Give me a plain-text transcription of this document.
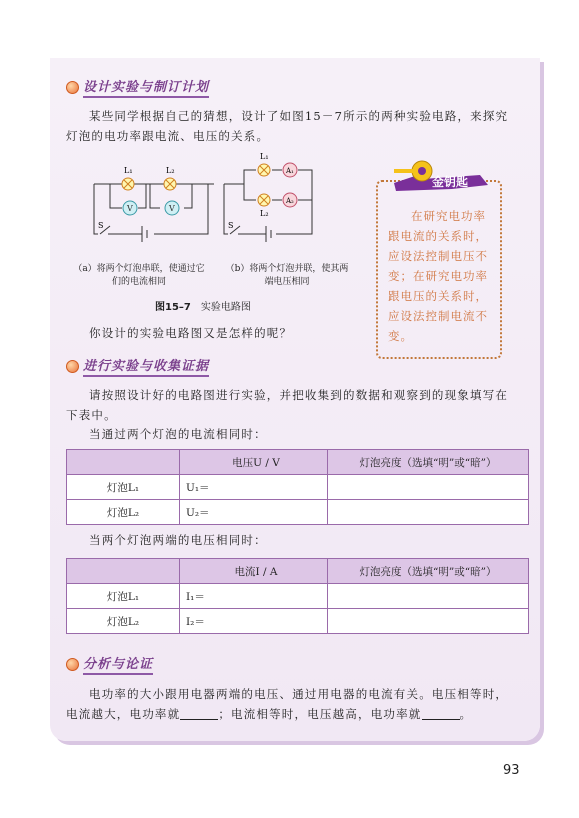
设计实验与制订计划
某些同学根据自己的猜想，设计了如图15－7所示的两种实验电路，来探究灯泡的电功率跟电流、电压的关系。
V	V
L₁	L₂
S
A₁
A₂
L₁
L₂
S
（a）将两个灯泡串联，使通过它们的电流相同
（b）将两个灯泡并联，使其两端电压相同
图15–7 实验电路图
你设计的实验电路图又是怎样的呢？
金钥匙
在研究电功率跟电流的关系时，应设法控制电压不变；在研究电功率跟电压的关系时，应设法控制电流不变。
进行实验与收集证据
请按照设计好的电路图进行实验，并把收集到的数据和观察到的现象填写在下表中。
当通过两个灯泡的电流相同时：
	电压U / V	灯泡亮度（选填“明”或“暗”）
灯泡L₁	U₁＝	
灯泡L₂	U₂＝	
当两个灯泡两端的电压相同时：
	电流I / A	灯泡亮度（选填“明”或“暗”）
灯泡L₁	I₁＝	
灯泡L₂	I₂＝	
分析与论证
电功率的大小跟用电器两端的电压、通过用电器的电流有关。电压相等时，电流越大，电功率就	；电流相等时，电压越高，电功率就	。
93
